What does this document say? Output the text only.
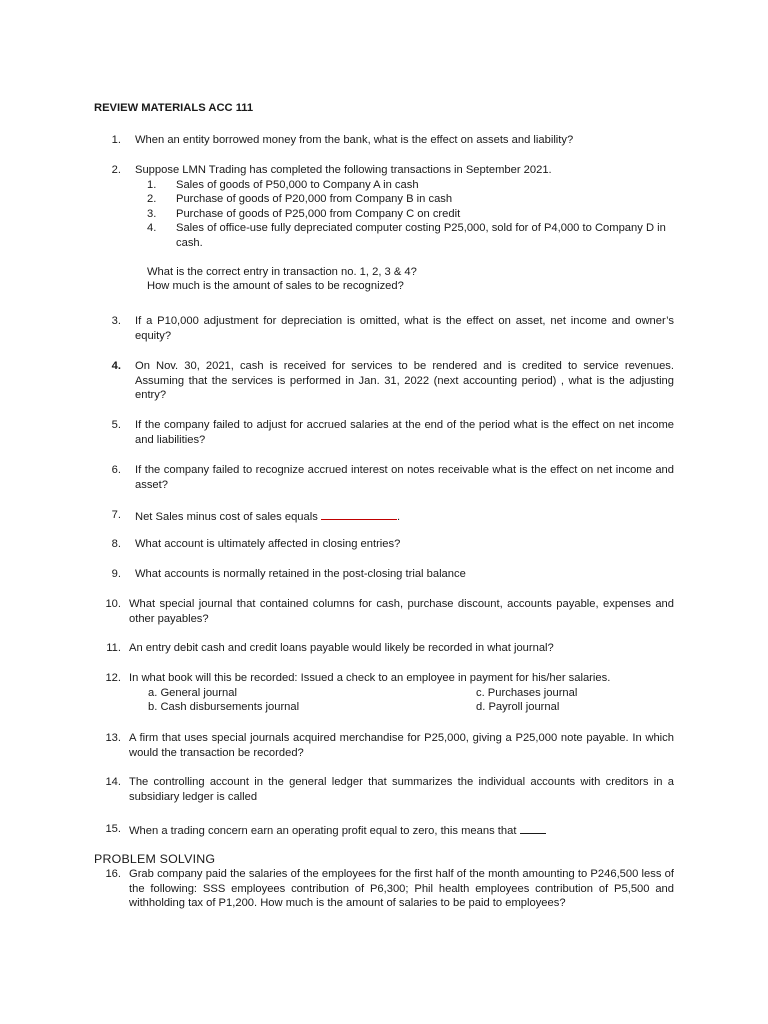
REVIEW MATERIALS ACC 111
1.	When an entity borrowed money from the bank, what is the effect on assets and liability?
2. Suppose LMN Trading has completed the following transactions in September 2021.
1.	Sales of goods of P50,000 to Company A in cash
2.	Purchase of goods of P20,000 from Company B in cash
3.	Purchase of goods of P25,000 from Company C on credit
4.	Sales of office-use fully depreciated computer costing P25,000, sold for of P4,000 to Company D in cash.
What is the correct entry in transaction no. 1, 2, 3 & 4?
How much is the amount of sales to be recognized?
3.	If a P10,000 adjustment for depreciation is omitted, what is the effect on asset, net income and owner’s equity?
4.	On Nov. 30, 2021, cash is received for services to be rendered and is credited to service revenues. Assuming that the services is performed in Jan. 31, 2022 (next accounting period) , what is the adjusting entry?
5.	If the company failed to adjust for accrued salaries at the end of the period what is the effect on net income and liabilities?
6.	If the company failed to recognize accrued interest on notes receivable what is the effect on net income and asset?
7.	Net Sales minus cost of sales equals	.
8.	What account is ultimately affected in closing entries?
9.	What accounts is normally retained in the post-closing trial balance
10. What special journal that contained columns for cash, purchase discount, accounts payable, expenses and other payables?
11. An entry debit cash and credit loans payable would likely be recorded in what journal?
12. In what book will this be recorded: Issued a check to an employee in payment for his/her salaries.
a. General journal	c. Purchases journal
b. Cash disbursements journal	d. Payroll journal
13. A firm that uses special journals acquired merchandise for P25,000, giving a P25,000 note payable. In which would the transaction be recorded?
14. The controlling account in the general ledger that summarizes the individual accounts with creditors in a subsidiary ledger is called
15. When a trading concern earn an operating profit equal to zero, this means that
PROBLEM SOLVING
16. Grab company paid the salaries of the employees for the first half of the month amounting to P246,500 less of the following: SSS employees contribution of P6,300; Phil health employees contribution of P5,500 and withholding tax of P1,200. How much is the amount of salaries to be paid to employees?
